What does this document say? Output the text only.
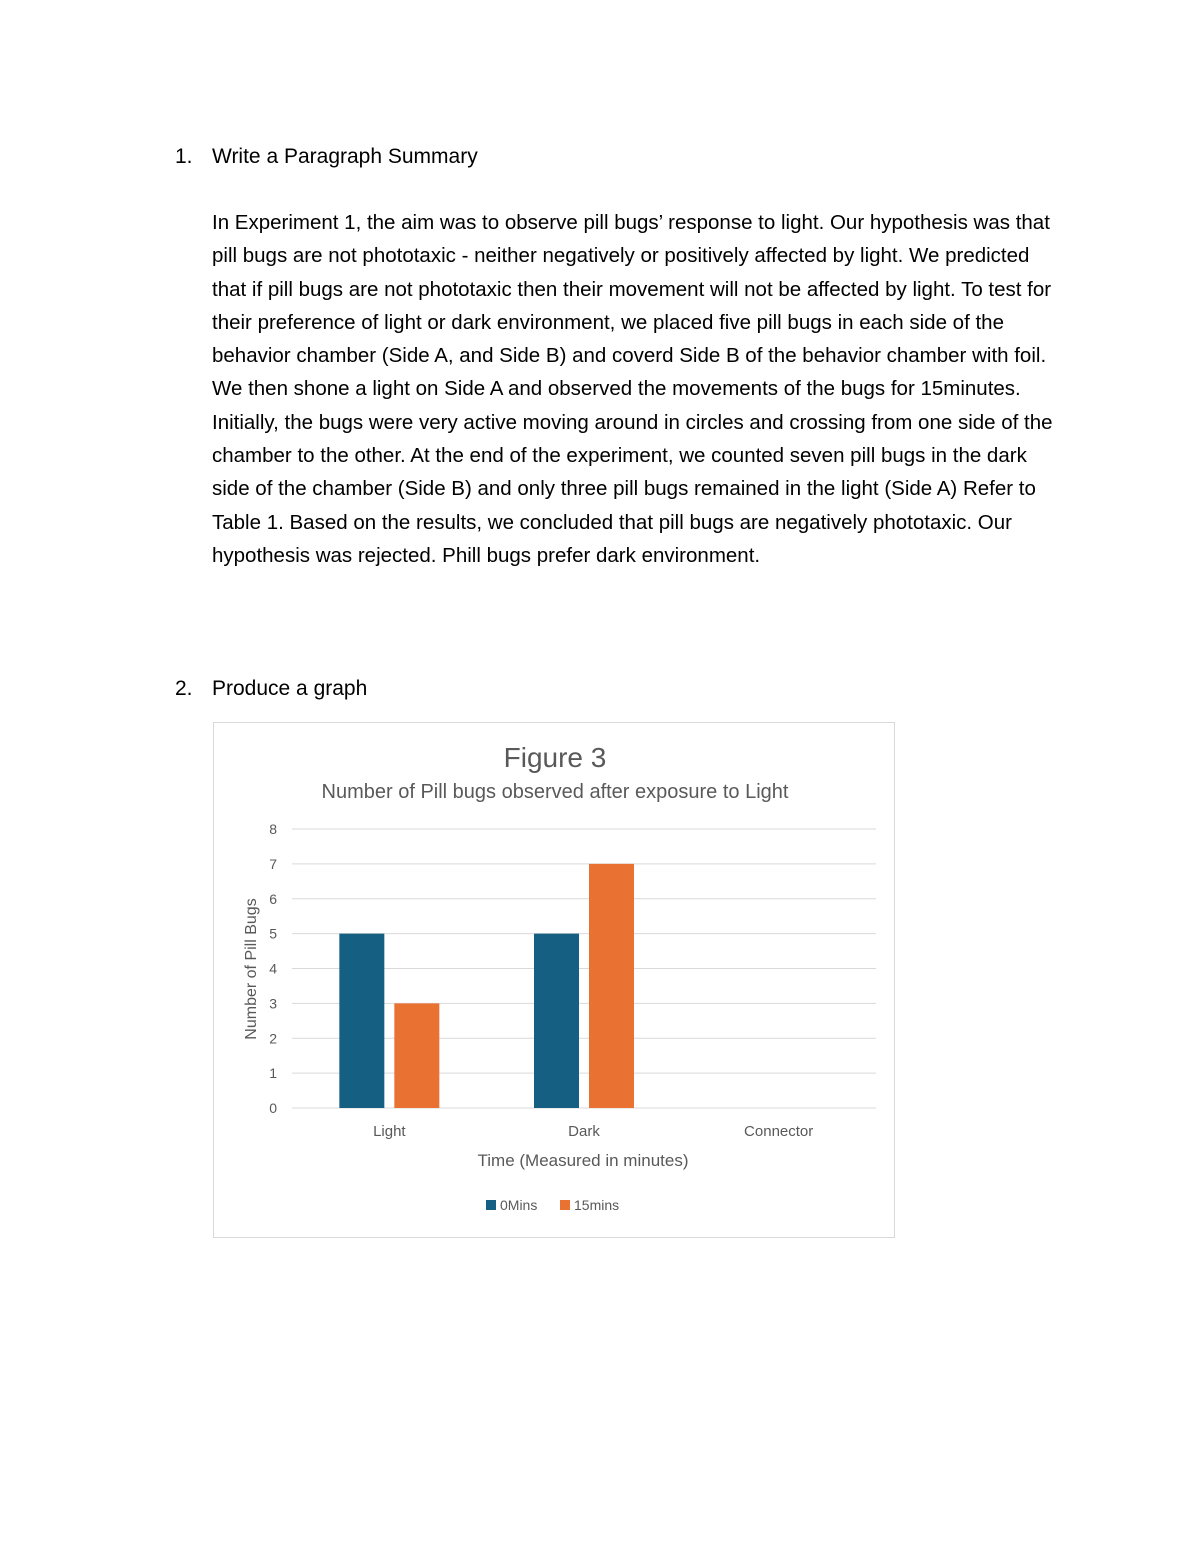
1. Write a Paragraph Summary

In Experiment 1, the aim was to observe pill bugs’ response to light. Our hypothesis was that pill bugs are not phototaxic - neither negatively or positively affected by light. We predicted that if pill bugs are not phototaxic then their movement will not be affected by light. To test for their preference of light or dark environment, we placed five pill bugs in each side of the behavior chamber (Side A, and Side B) and coverd Side B of the behavior chamber with foil. We then shone a light on Side A and observed the movements of the bugs for 15minutes. Initially, the bugs were very active moving around in circles and crossing from one side of the chamber to the other. At the end of the experiment, we counted seven pill bugs in the dark side of the chamber (Side B) and only three pill bugs remained in the light (Side A) Refer to Table 1. Based on the results, we concluded that pill bugs are negatively phototaxic. Our hypothesis was rejected. Phill bugs prefer dark environment.

2. Produce a graph
Figure 3
Number of Pill bugs observed after exposure to Light
0
1
2
3
4
5
6
7
8
Light	Dark	Connector
Number of Pill Bugs
Time (Measured in minutes)
0Mins	15mins
